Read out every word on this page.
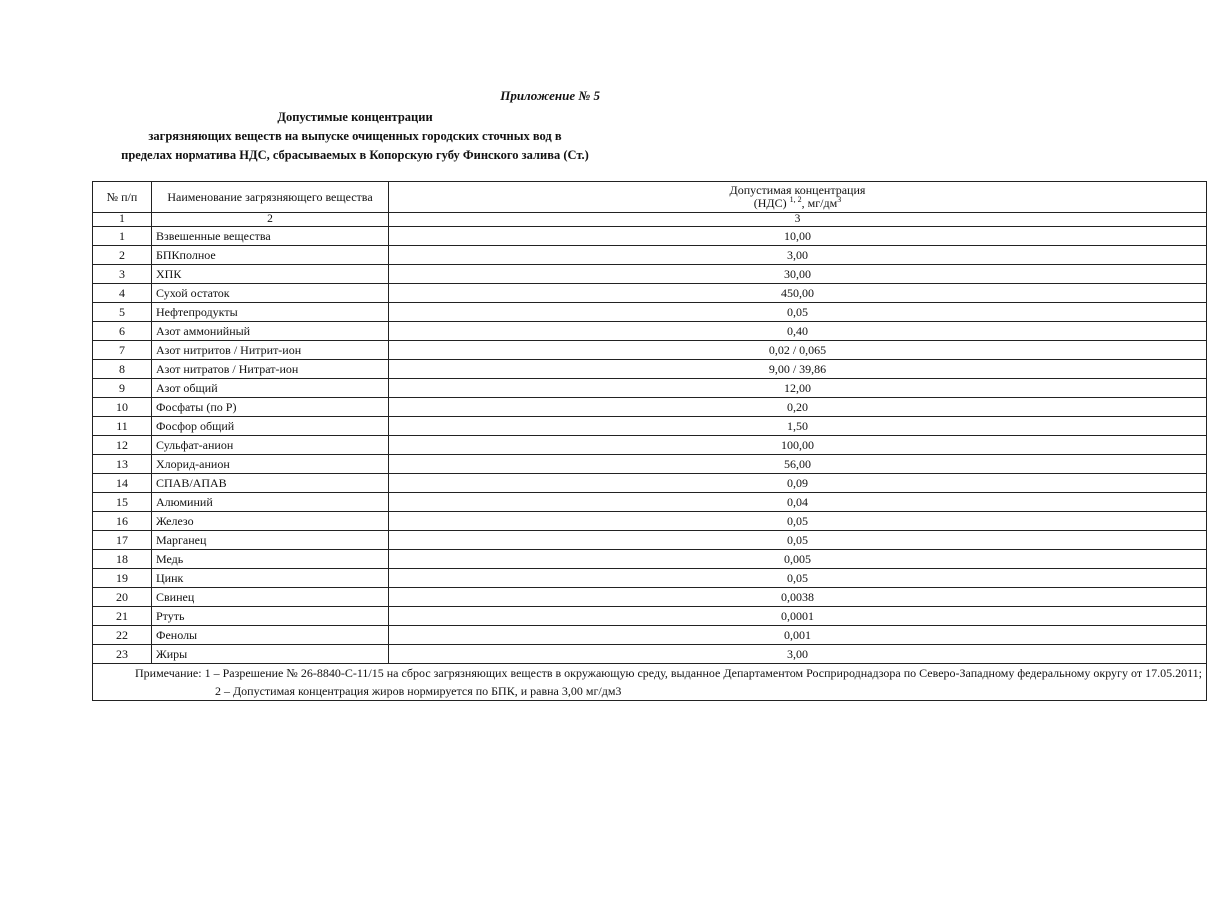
Приложение № 5
Допустимые концентрации
загрязняющих веществ на выпуске очищенных городских сточных вод в
пределах норматива НДС, сбрасываемых в Копорскую губу Финского залива (Ст.)
№ п/п	Наименование загрязняющего вещества	Допустимая концентрация
(НДС) $^{1, 2}$, $мг/дм^3$
1	2	3
1	Взвешенные вещества	10,00
2	БПКполное	3,00
3	ХПК	30,00
4	Сухой остаток	450,00
5	Нефтепродукты	0,05
6	Азот аммонийный	0,40
7	Азот нитритов / Нитрит-ион	0,02 / 0,065
8	Азот нитратов / Нитрат-ион	9,00 / 39,86
9	Азот общий	12,00
10	Фосфаты (по Р)	0,20
11	Фосфор общий	1,50
12	Сульфат-анион	100,00
13	Хлорид-анион	56,00
14	СПАВ/АПАВ	0,09
15	Алюминий	0,04
16	Железо	0,05
17	Марганец	0,05
18	Медь	0,005
19	Цинк	0,05
20	Свинец	0,0038
21	Ртуть	0,0001
22	Фенолы	0,001
23	Жиры	3,00

Примечание: 1 – Разрешение № 26-8840-С-11/15 на сброс загрязняющих веществ в окружающую среду, выданное Департаментом Росприроднадзора по Северо-Западному федеральному округу от 17.05.2011;
2 – Допустимая концентрация жиров нормируется по БПК, и равна 3,00 мг/дм3		
